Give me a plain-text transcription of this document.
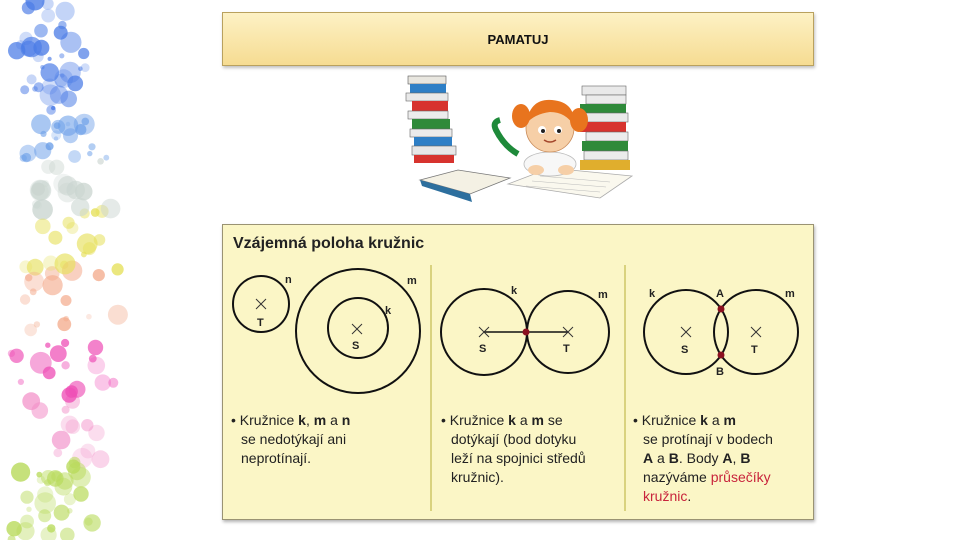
PAMATUJ
Vzájemná poloha kružnic
T
n	m
k
S
k	m
S	T
k	A	m
S	T
B

• Kružnice k, m a n

se nedotýkají ani

neprotínají.

• Kružnice k a m se

dotýkají (bod dotyku

leží na spojnici středů

kružnic).

• Kružnice k a m

se protínají v bodech

A a B. Body A, B

nazýváme průsečíky

kružnic.
